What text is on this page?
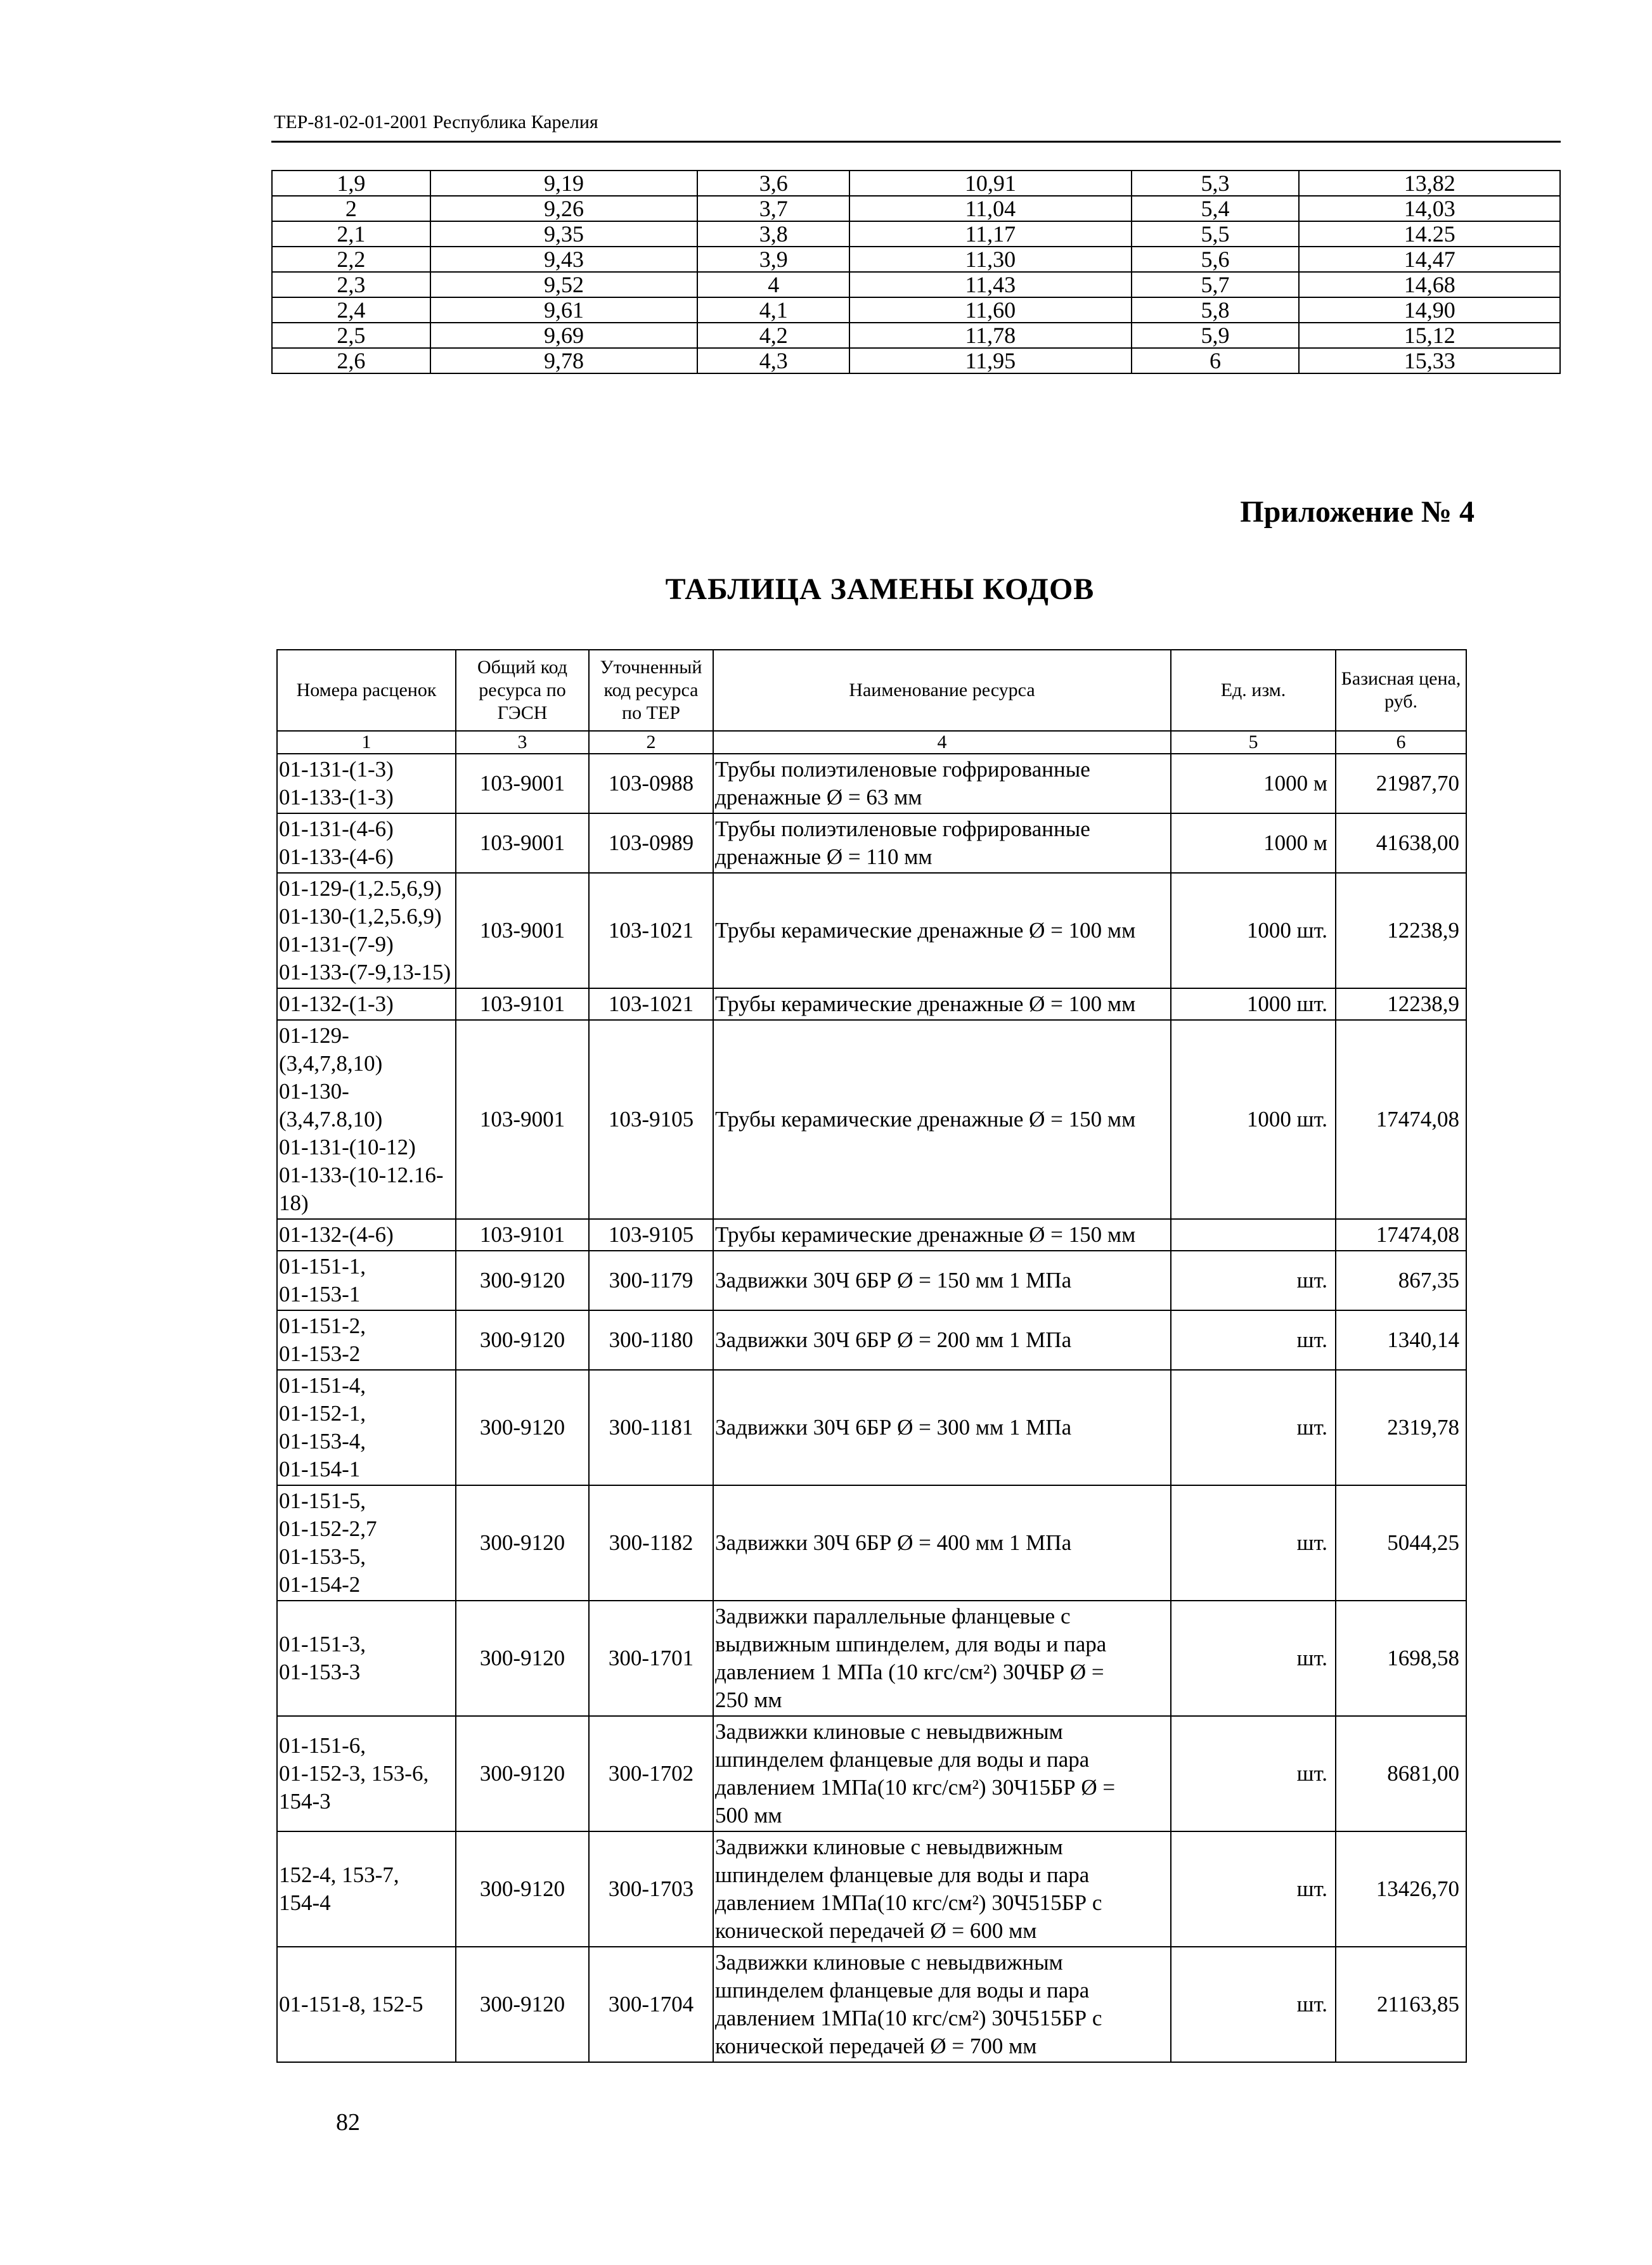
ТЕР-81-02-01-2001 Республика Карелия
1,9	9,19	3,6	10,91	5,3	13,82
2	9,26	3,7	11,04	5,4	14,03
2,1	9,35	3,8	11,17	5,5	14.25
2,2	9,43	3,9	11,30	5,6	14,47
2,3	9,52	4	11,43	5,7	14,68
2,4	9,61	4,1	11,60	5,8	14,90
2,5	9,69	4,2	11,78	5,9	15,12
2,6	9,78	4,3	11,95	6	15,33
Приложение № 4
ТАБЛИЦА ЗАМЕНЫ КОДОВ
Номера расценок	Общий код ресурса по ГЭСН	Уточненный код ресурса по ТЕР	Наименование ресурса	Ед. изм.	Базисная цена, руб.
1	3	2	4	5	6

01-131-(1-3)
01-133-(1-3)	103-9001	103-0988	Трубы полиэтиленовые гофрированные
дренажные Ø = 63 мм	1000 м	21987,70

01-131-(4-6)
01-133-(4-6)	103-9001	103-0989	Трубы полиэтиленовые гофрированные
дренажные Ø = 110 мм	1000 м	41638,00

01-129-(1,2.5,6,9)
01-130-(1,2,5.6,9)
01-131-(7-9)
01-133-(7-9,13-15)	103-9001	103-1021	Трубы керамические дренажные Ø = 100 мм	1000 шт.	12238,9

01-132-(1-3)	103-9101	103-1021	Трубы керамические дренажные Ø = 100 мм	1000 шт.	12238,9

01-129-(3,4,7,8,10)
01-130-(3,4,7.8,10)
01-131-(10-12)
01-133-(10-12.16-
18)	103-9001	103-9105	Трубы керамические дренажные Ø = 150 мм	1000 шт.	17474,08

01-132-(4-6)	103-9101	103-9105	Трубы керамические дренажные Ø = 150 мм		17474,08

01-151-1,
01-153-1	300-9120	300-1179	Задвижки 30Ч 6БР Ø = 150 мм 1 МПа	шт.	867,35

01-151-2,
01-153-2	300-9120	300-1180	Задвижки 30Ч 6БР Ø = 200 мм 1 МПа	шт.	1340,14

01-151-4,
01-152-1,
01-153-4,
01-154-1	300-9120	300-1181	Задвижки 30Ч 6БР Ø = 300 мм 1 МПа	шт.	2319,78

01-151-5,
01-152-2,7
01-153-5,
01-154-2	300-9120	300-1182	Задвижки 30Ч 6БР Ø = 400 мм 1 МПа	шт.	5044,25

01-151-3,
01-153-3	300-9120	300-1701	Задвижки параллельные фланцевые с
выдвижным шпинделем, для воды и пара
давлением 1 МПа (10 кгс/см²) 30ЧБР Ø =
250 мм	шт.	1698,58

01-151-6,
01-152-3, 153-6,
154-3	300-9120	300-1702	Задвижки клиновые с невыдвижным
шпинделем фланцевые для воды и пара
давлением 1МПа(10 кгс/см²) 30Ч15БР Ø =
500 мм	шт.	8681,00

152-4, 153-7,
154-4	300-9120	300-1703	Задвижки клиновые с невыдвижным
шпинделем фланцевые для воды и пара
давлением 1МПа(10 кгс/см²) 30Ч515БР с
конической передачей Ø = 600 мм	шт.	13426,70

01-151-8, 152-5	300-9120	300-1704	Задвижки клиновые с невыдвижным
шпинделем фланцевые для воды и пара
давлением 1МПа(10 кгс/см²) 30Ч515БР с
конической передачей Ø = 700 мм	шт.	21163,85
82
